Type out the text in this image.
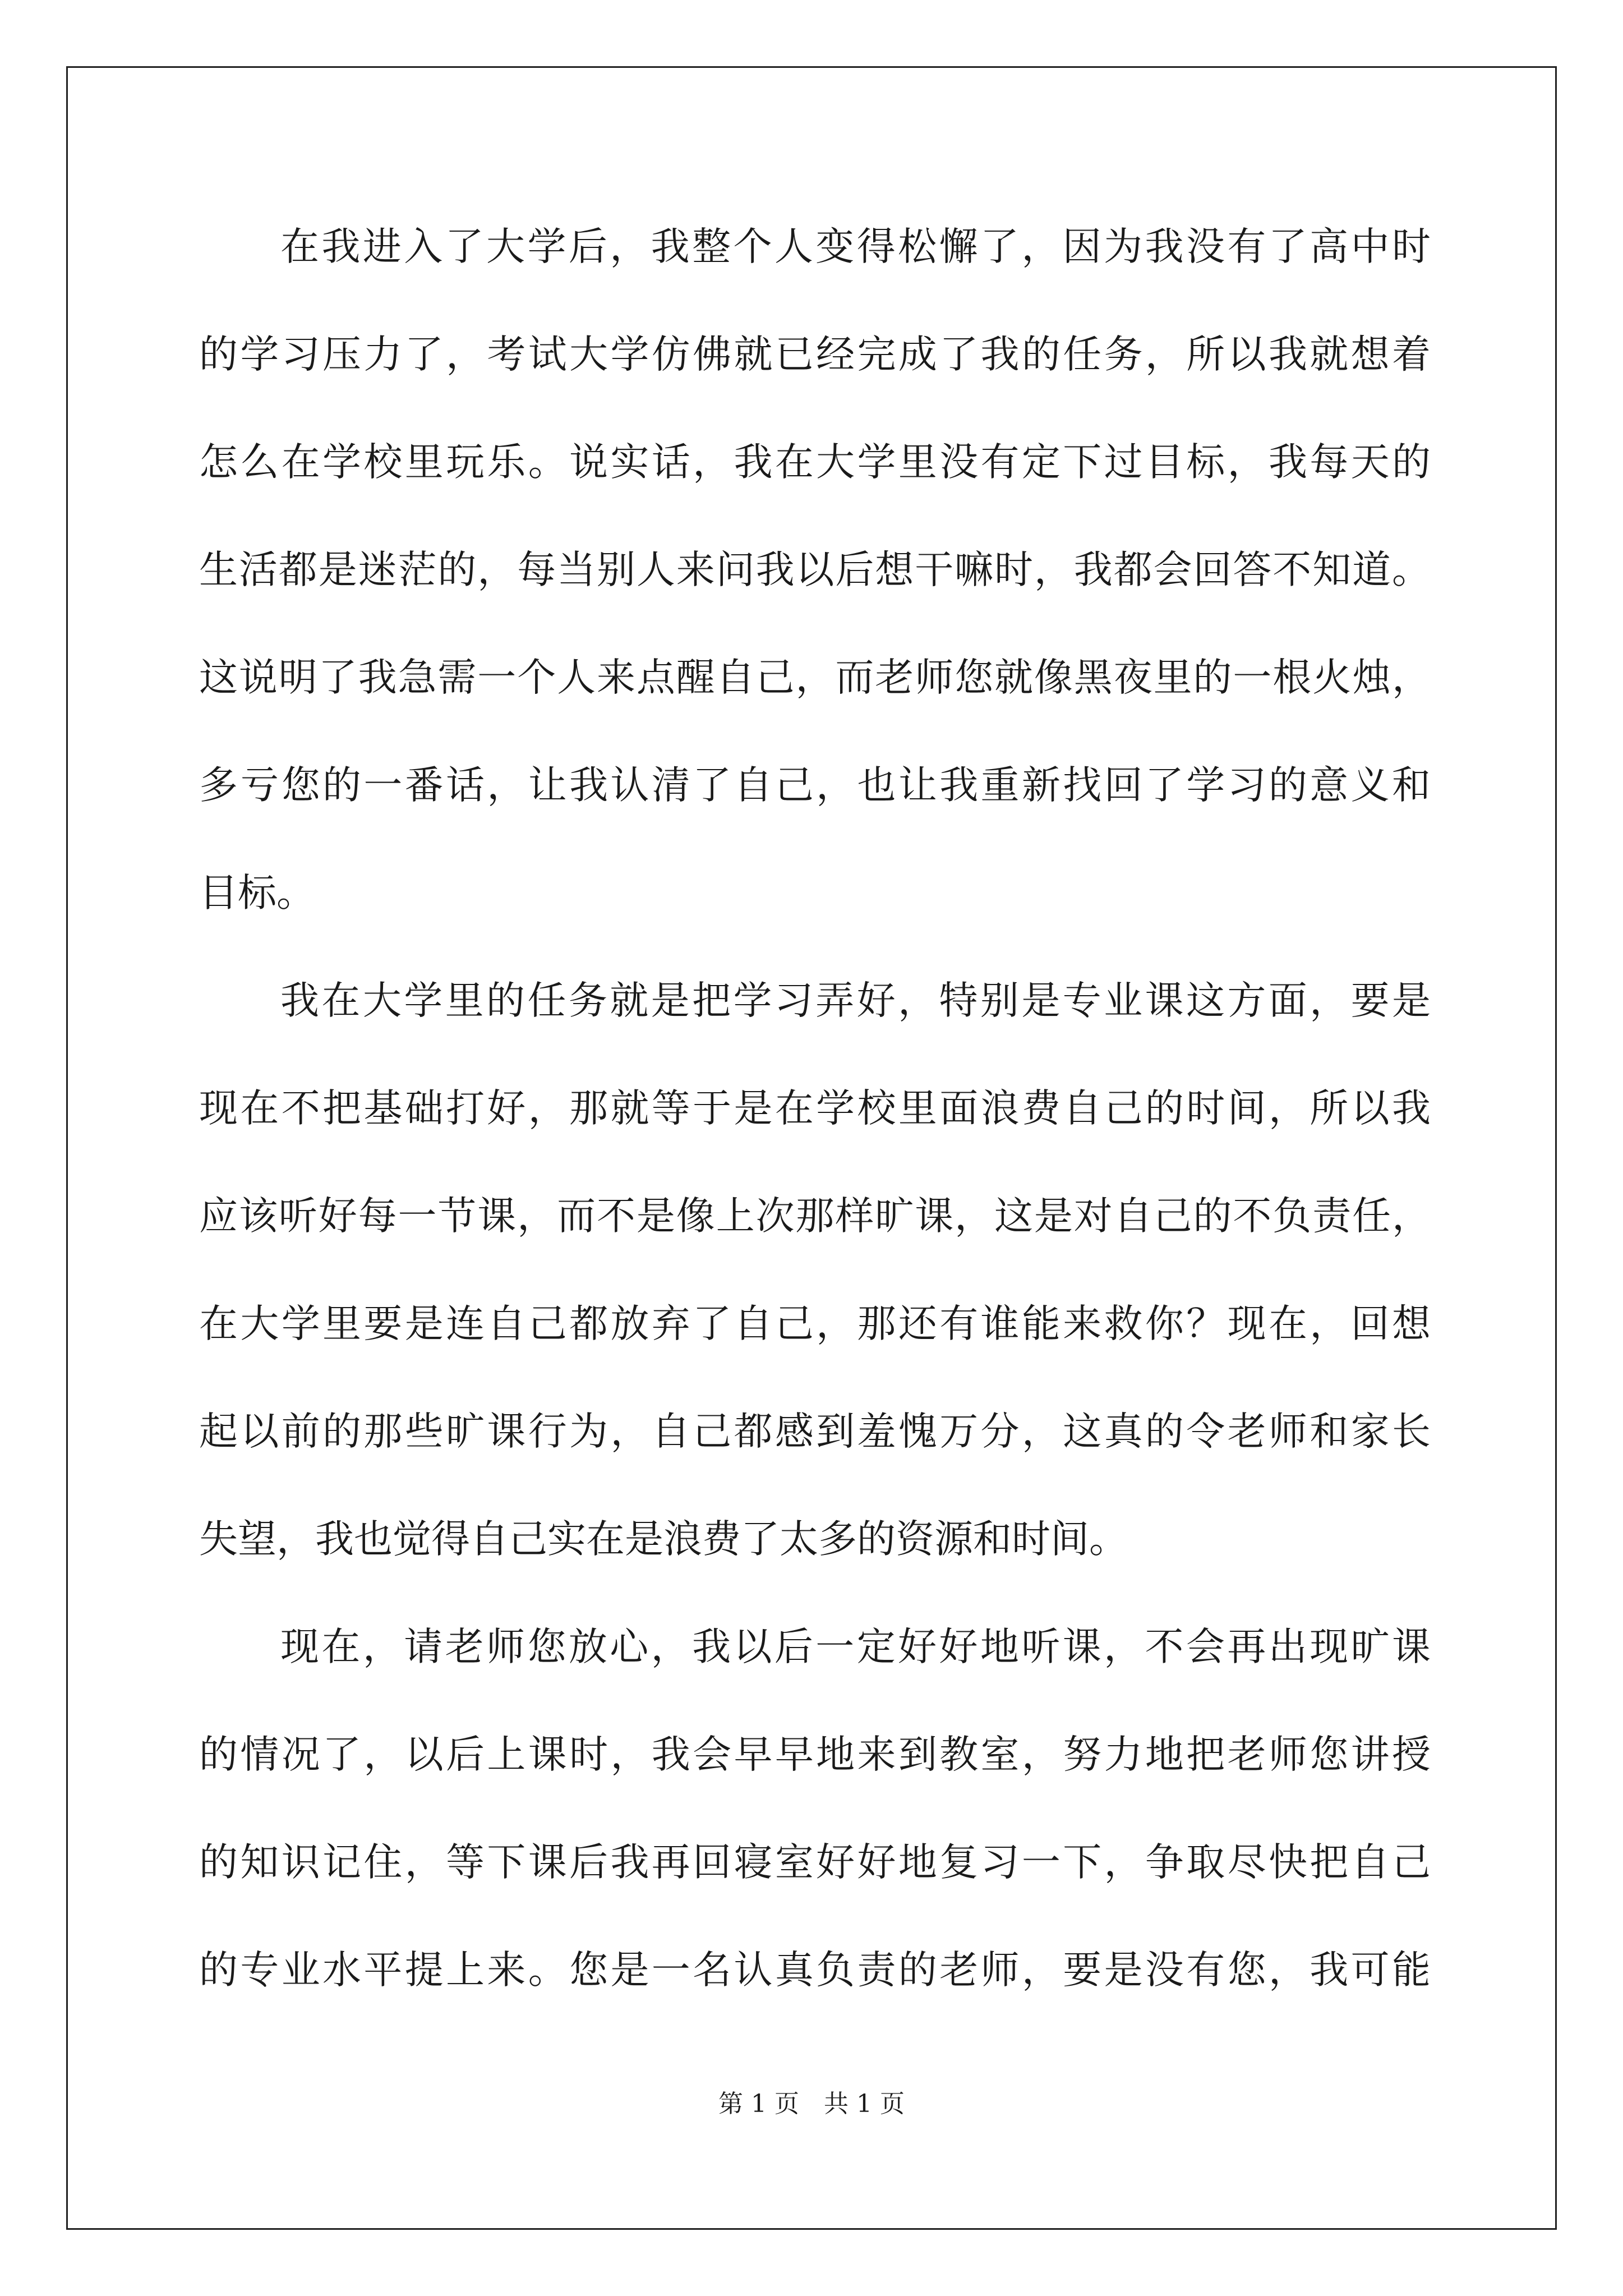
在我进入了大学后，我整个人变得松懈了，因为我没有了高中时
的学习压力了，考试大学仿佛就已经完成了我的任务，所以我就想着
怎么在学校里玩乐。说实话，我在大学里没有定下过目标，我每天的
生活都是迷茫的，每当别人来问我以后想干嘛时，我都会回答不知道。
这说明了我急需一个人来点醒自己，而老师您就像黑夜里的一根火烛，
多亏您的一番话，让我认清了自己，也让我重新找回了学习的意义和
目标。
我在大学里的任务就是把学习弄好，特别是专业课这方面，要是
现在不把基础打好，那就等于是在学校里面浪费自己的时间，所以我
应该听好每一节课，而不是像上次那样旷课，这是对自己的不负责任，
在大学里要是连自己都放弃了自己，那还有谁能来救你？现在，回想
起以前的那些旷课行为，自己都感到羞愧万分，这真的令老师和家长
失望，我也觉得自己实在是浪费了太多的资源和时间。
现在，请老师您放心，我以后一定好好地听课，不会再出现旷课
的情况了，以后上课时，我会早早地来到教室，努力地把老师您讲授
的知识记住，等下课后我再回寝室好好地复习一下，争取尽快把自己
的专业水平提上来。您是一名认真负责的老师，要是没有您，我可能
第 1 页　共 1 页
